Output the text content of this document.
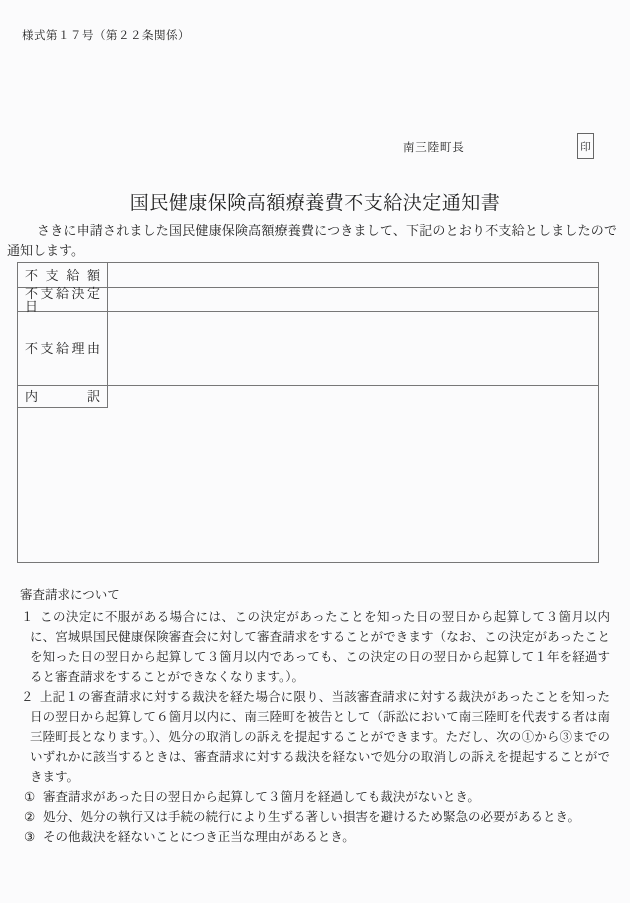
様式第１７号（第２２条関係）
南三陸町長	印
国民健康保険高額療養費不支給決定通知書

さきに申請されました国民健康保険高額療養費につきまして、下記のとおり不支給としましたので通知します。

不支給額
不支給決定日
不支給理由
内訳
審査請求について

１ この決定に不服がある場合には、この決定があったことを知った日の翌日から起算して３箇月以内に、宮城県国民健康保険審査会に対して審査請求をすることができます（なお、この決定があったことを知った日の翌日から起算して３箇月以内であっても、この決定の日の翌日から起算して１年を経過すると審査請求をすることができなくなります。）。

２ 上記１の審査請求に対する裁決を経た場合に限り、当該審査請求に対する裁決があったことを知った日の翌日から起算して６箇月以内に、南三陸町を被告として（訴訟において南三陸町を代表する者は南三陸町長となります。）、処分の取消しの訴えを提起することができます。ただし、次の①から③までのいずれかに該当するときは、審査請求に対する裁決を経ないで処分の取消しの訴えを提起することができます。

① 審査請求があった日の翌日から起算して３箇月を経過しても裁決がないとき。

② 処分、処分の執行又は手続の続行により生ずる著しい損害を避けるため緊急の必要があるとき。

③ その他裁決を経ないことにつき正当な理由があるとき。
